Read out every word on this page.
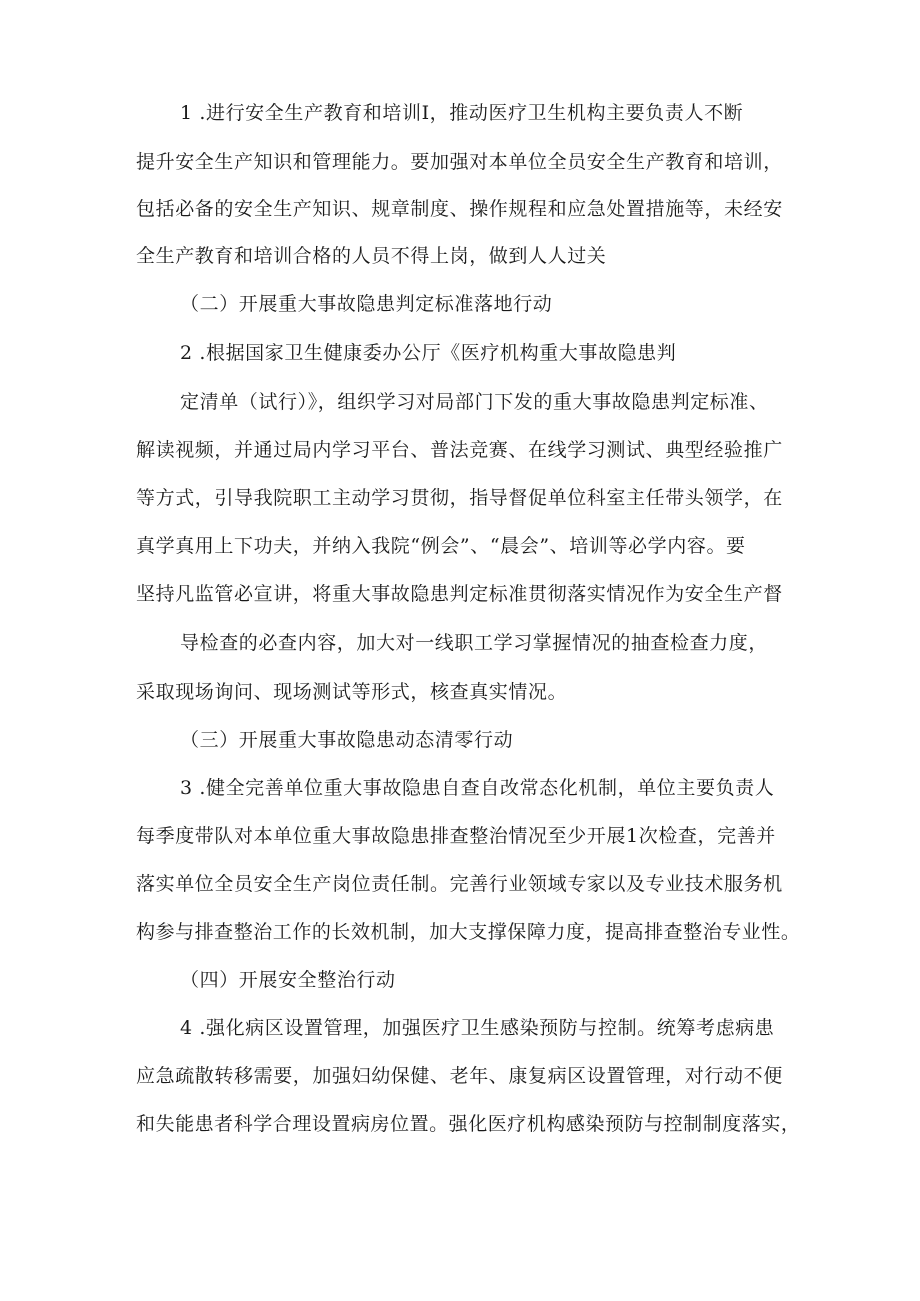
1 .进行安全生产教育和培训I，推动医疗卫生机构主要负责人不断
提升安全生产知识和管理能力。要加强对本单位全员安全生产教育和培训，
包括必备的安全生产知识、规章制度、操作规程和应急处置措施等，未经安
全生产教育和培训合格的人员不得上岗，做到人人过关
（二）开展重大事故隐患判定标准落地行动
2 .根据国家卫生健康委办公厅《医疗机构重大事故隐患判
定清单（试行）》，组织学习对局部门下发的重大事故隐患判定标准、
解读视频，并通过局内学习平台、普法竞赛、在线学习测试、典型经验推广
等方式，引导我院职工主动学习贯彻，指导督促单位科室主任带头领学，在
真学真用上下功夫，并纳入我院“例会”、“晨会”、培训等必学内容。要
坚持凡监管必宣讲，将重大事故隐患判定标准贯彻落实情况作为安全生产督
导检查的必查内容，加大对一线职工学习掌握情况的抽查检查力度，
采取现场询问、现场测试等形式，核查真实情况。
（三）开展重大事故隐患动态清零行动
3 .健全完善单位重大事故隐患自查自改常态化机制，单位主要负责人
每季度带队对本单位重大事故隐患排查整治情况至少开展1次检查，完善并
落实单位全员安全生产岗位责任制。完善行业领域专家以及专业技术服务机
构参与排查整治工作的长效机制，加大支撑保障力度，提高排查整治专业性。
（四）开展安全整治行动
4 .强化病区设置管理，加强医疗卫生感染预防与控制。统筹考虑病患
应急疏散转移需要，加强妇幼保健、老年、康复病区设置管理，对行动不便
和失能患者科学合理设置病房位置。强化医疗机构感染预防与控制制度落实，
